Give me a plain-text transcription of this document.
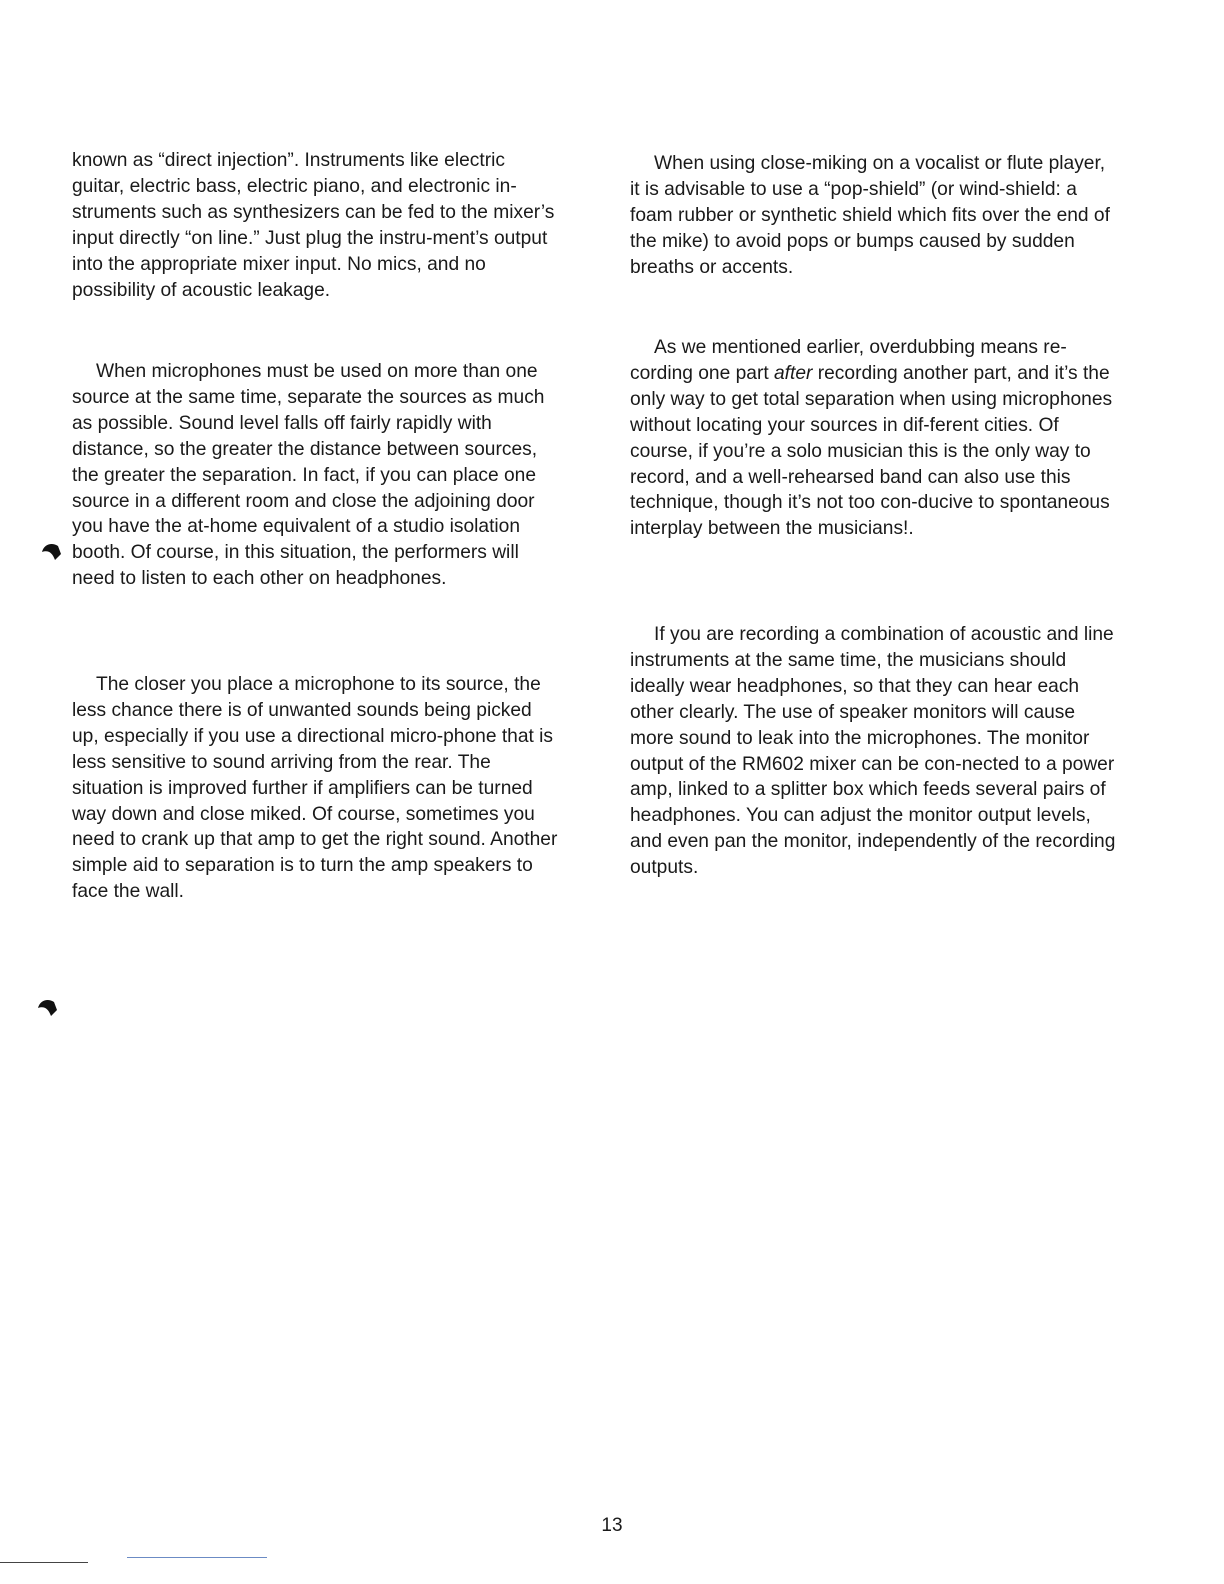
known as “direct injection”. Instruments like electric guitar, electric bass, electric piano, and electronic in-struments such as synthesizers can be fed to the mixer’s input directly “on line.” Just plug the instru-ment’s output into the appropriate mixer input. No mics, and no possibility of acoustic leakage.

When microphones must be used on more than one source at the same time, separate the sources as much as possible. Sound level falls off fairly rapidly with distance, so the greater the distance between sources, the greater the separation. In fact, if you can place one source in a different room and close the adjoining door you have the at-home equivalent of a studio isolation booth. Of course, in this situation, the performers will need to listen to each other on headphones.

The closer you place a microphone to its source, the less chance there is of unwanted sounds being picked up, especially if you use a directional micro-phone that is less sensitive to sound arriving from the rear. The situation is improved further if amplifiers can be turned way down and close miked. Of course, sometimes you need to crank up that amp to get the right sound. Another simple aid to separation is to turn the amp speakers to face the wall.

When using close-miking on a vocalist or flute player, it is advisable to use a “pop-shield” (or wind-shield: a foam rubber or synthetic shield which fits over the end of the mike) to avoid pops or bumps caused by sudden breaths or accents.

As we mentioned earlier, overdubbing means re-cording one part after recording another part, and it’s the only way to get total separation when using microphones without locating your sources in dif-ferent cities. Of course, if you’re a solo musician this is the only way to record, and a well-rehearsed band can also use this technique, though it’s not too con-ducive to spontaneous interplay between the musicians!.

If you are recording a combination of acoustic and line instruments at the same time, the musicians should ideally wear headphones, so that they can hear each other clearly. The use of speaker monitors will cause more sound to leak into the microphones. The monitor output of the RM602 mixer can be con-nected to a power amp, linked to a splitter box which feeds several pairs of headphones. You can adjust the monitor output levels, and even pan the monitor, independently of the recording outputs.

13
